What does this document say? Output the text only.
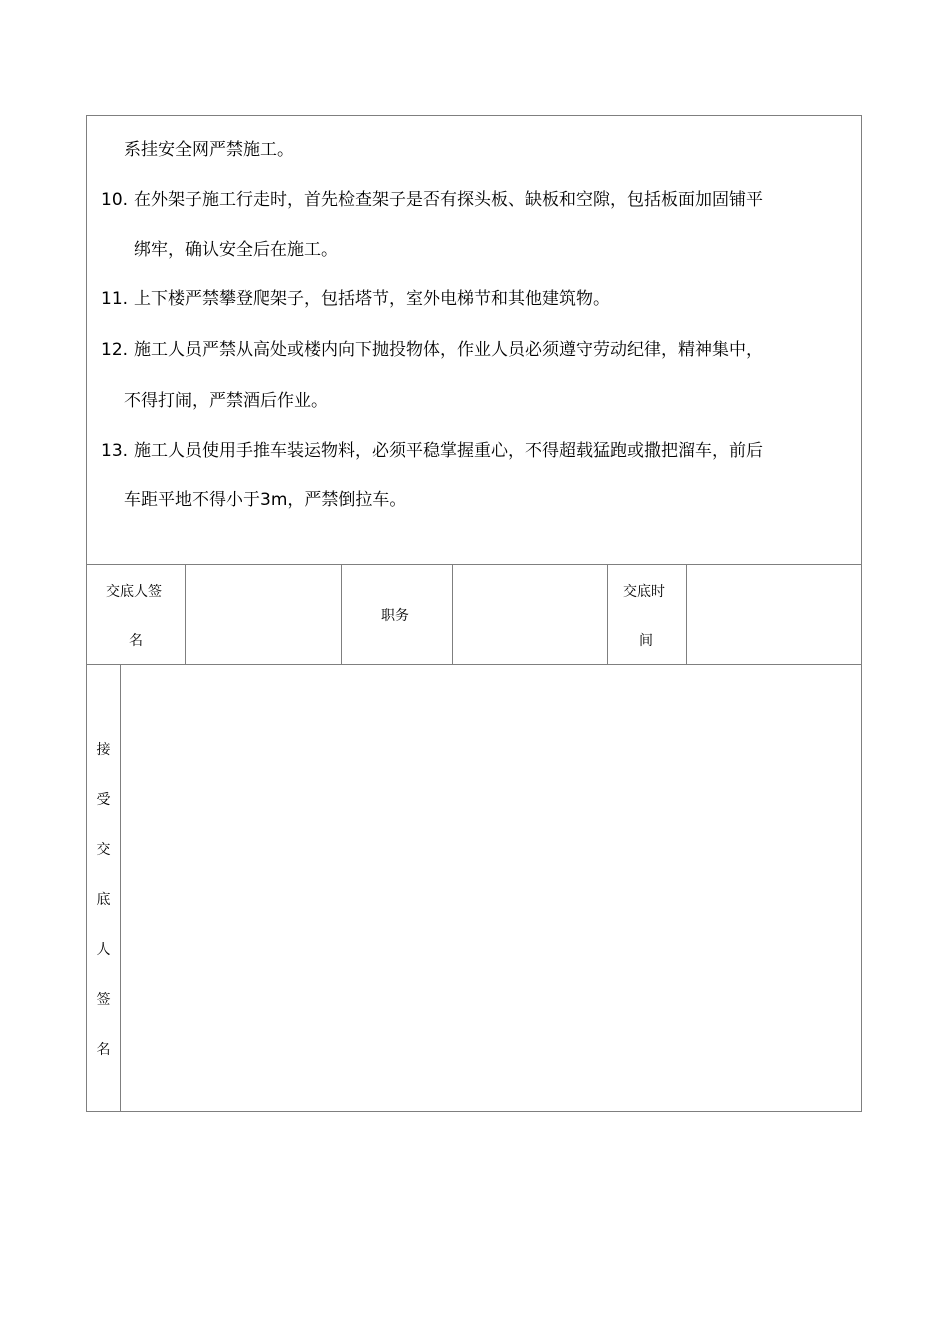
系挂安全网严禁施工。
10. 在外架子施工行走时，首先检查架子是否有探头板、缺板和空隙，包括板面加固铺平
绑牢，确认安全后在施工。
11. 上下楼严禁攀登爬架子，包括塔节，室外电梯节和其他建筑物。
12. 施工人员严禁从高处或楼内向下抛投物体，作业人员必须遵守劳动纪律，精神集中，
不得打闹，严禁酒后作业。
13. 施工人员使用手推车装运物料，必须平稳掌握重心，不得超载猛跑或撒把溜车，前后
车距平地不得小于3m，严禁倒拉车。
交底人签
名
职务
交底时
间
接
受
交
底
人
签
名
